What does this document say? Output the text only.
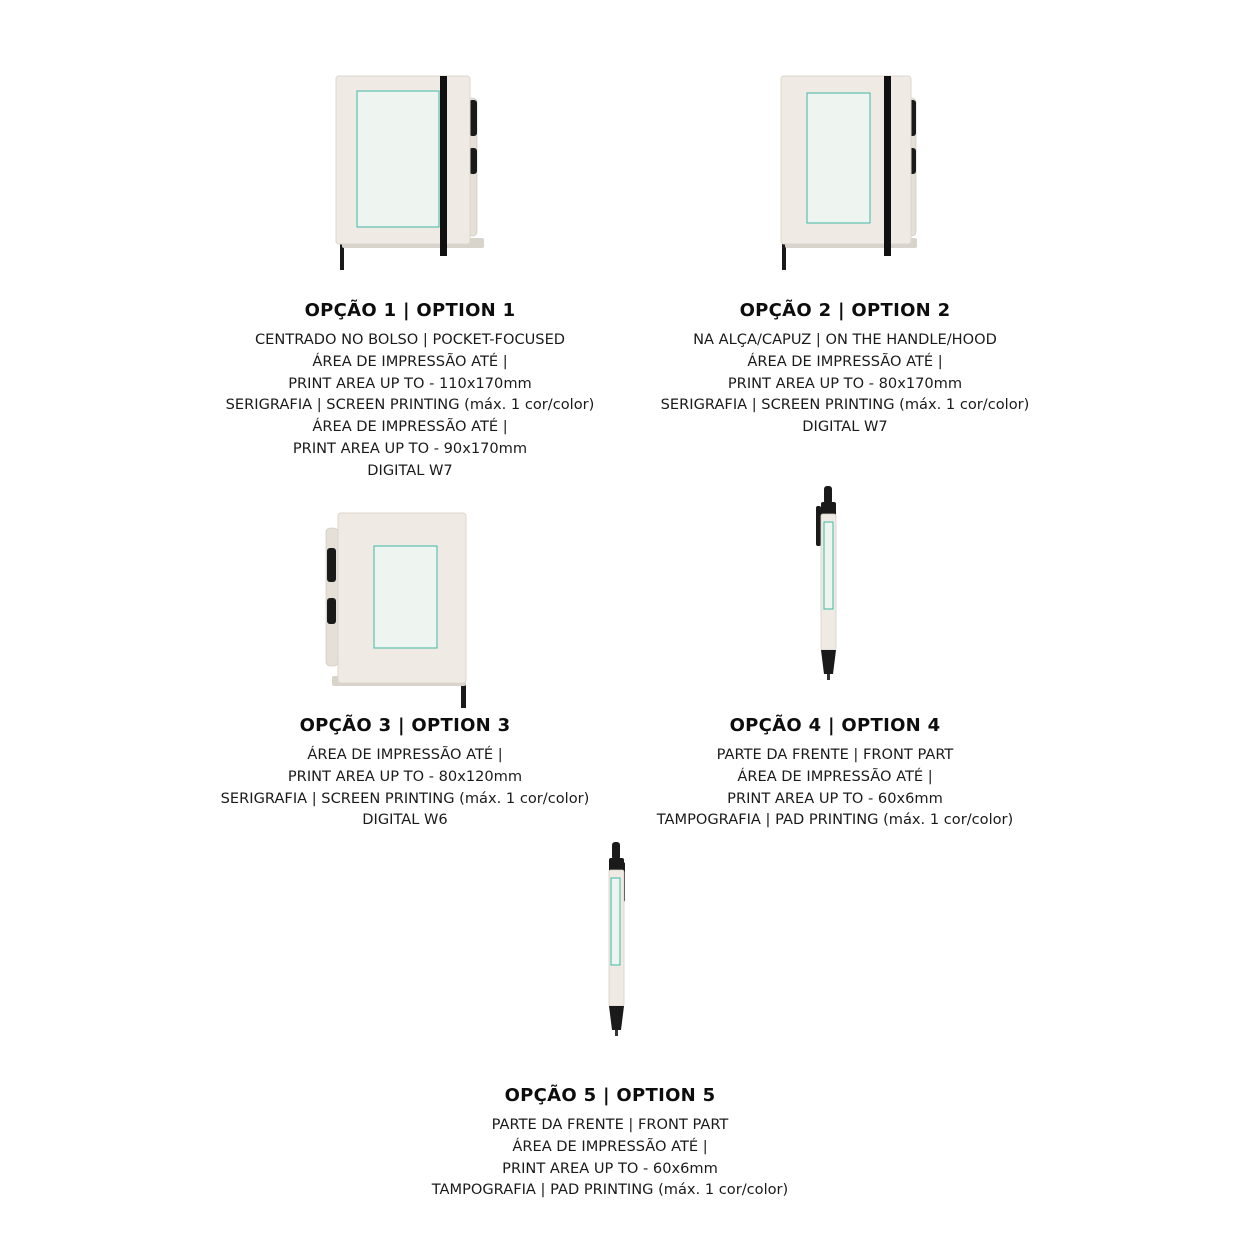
OPÇÃO 1 | OPTION 1
CENTRADO NO BOLSO | POCKET-FOCUSED
ÁREA DE IMPRESSÃO ATÉ |
PRINT AREA UP TO - 110x170mm
SERIGRAFIA | SCREEN PRINTING (máx. 1 cor/color)
ÁREA DE IMPRESSÃO ATÉ |
PRINT AREA UP TO - 90x170mm
DIGITAL W7
OPÇÃO 2 | OPTION 2
NA ALÇA/CAPUZ | ON THE HANDLE/HOOD
ÁREA DE IMPRESSÃO ATÉ |
PRINT AREA UP TO - 80x170mm
SERIGRAFIA | SCREEN PRINTING (máx. 1 cor/color)
DIGITAL W7
OPÇÃO 3 | OPTION 3
ÁREA DE IMPRESSÃO ATÉ |
PRINT AREA UP TO - 80x120mm
SERIGRAFIA | SCREEN PRINTING (máx. 1 cor/color)
DIGITAL W6
OPÇÃO 4 | OPTION 4
PARTE DA FRENTE | FRONT PART
ÁREA DE IMPRESSÃO ATÉ |
PRINT AREA UP TO - 60x6mm
TAMPOGRAFIA | PAD PRINTING (máx. 1 cor/color)
OPÇÃO 5 | OPTION 5
PARTE DA FRENTE | FRONT PART
ÁREA DE IMPRESSÃO ATÉ |
PRINT AREA UP TO - 60x6mm
TAMPOGRAFIA | PAD PRINTING (máx. 1 cor/color)
